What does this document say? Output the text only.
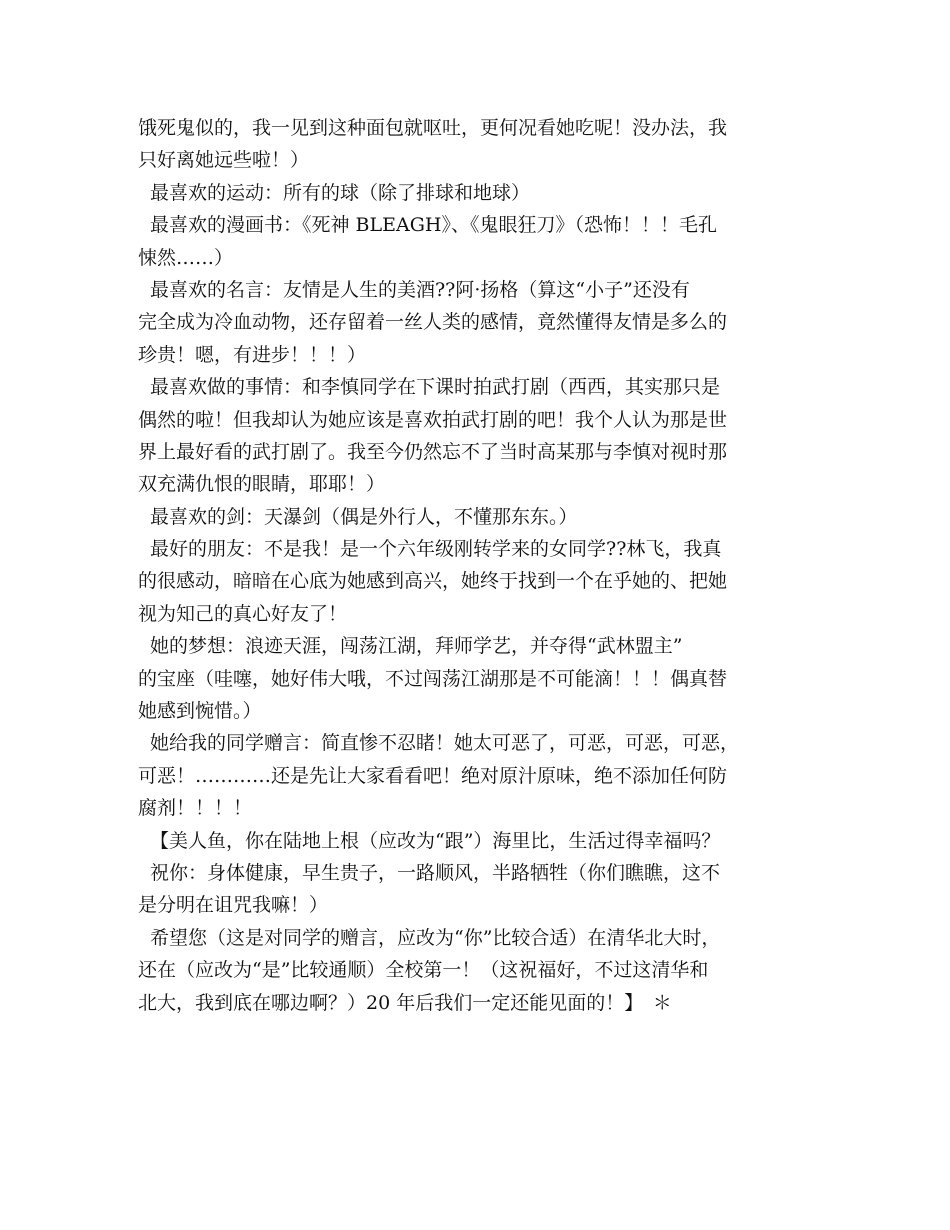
饿死鬼似的，我一见到这种面包就呕吐，更何况看她吃呢！没办法，我
只好离她远些啦！）
最喜欢的运动：所有的球（除了排球和地球）
最喜欢的漫画书：《死神 BLEAGH》、《鬼眼狂刀》（恐怖！！！毛孔
悚然……）
最喜欢的名言：友情是人生的美酒??阿·扬格（算这“小子”还没有
完全成为冷血动物，还存留着一丝人类的感情，竟然懂得友情是多么的
珍贵！嗯，有进步！！！）
最喜欢做的事情：和李慎同学在下课时拍武打剧（西西，其实那只是
偶然的啦！但我却认为她应该是喜欢拍武打剧的吧！我个人认为那是世
界上最好看的武打剧了。我至今仍然忘不了当时高某那与李慎对视时那
双充满仇恨的眼睛，耶耶！）
最喜欢的剑：天瀑剑（偶是外行人，不懂那东东。）
最好的朋友：不是我！是一个六年级刚转学来的女同学??林飞，我真
的很感动，暗暗在心底为她感到高兴，她终于找到一个在乎她的、把她
视为知己的真心好友了！
她的梦想：浪迹天涯，闯荡江湖，拜师学艺，并夺得“武林盟主”
的宝座（哇噻，她好伟大哦，不过闯荡江湖那是不可能滴！！！偶真替
她感到惋惜。）
她给我的同学赠言：简直惨不忍睹！她太可恶了，可恶，可恶，可恶，
可恶！…………还是先让大家看看吧！绝对原汁原味，绝不添加任何防
腐剂！！！！
【美人鱼，你在陆地上根（应改为“跟”）海里比，生活过得幸福吗？
祝你：身体健康，早生贵子，一路顺风，半路牺牲（你们瞧瞧，这不
是分明在诅咒我嘛！）
希望您（这是对同学的赠言，应改为“你”比较合适）在清华北大时，
还在（应改为“是”比较通顺）全校第一！（这祝福好，不过这清华和
北大，我到底在哪边啊？）20 年后我们一定还能见面的！】　＊
